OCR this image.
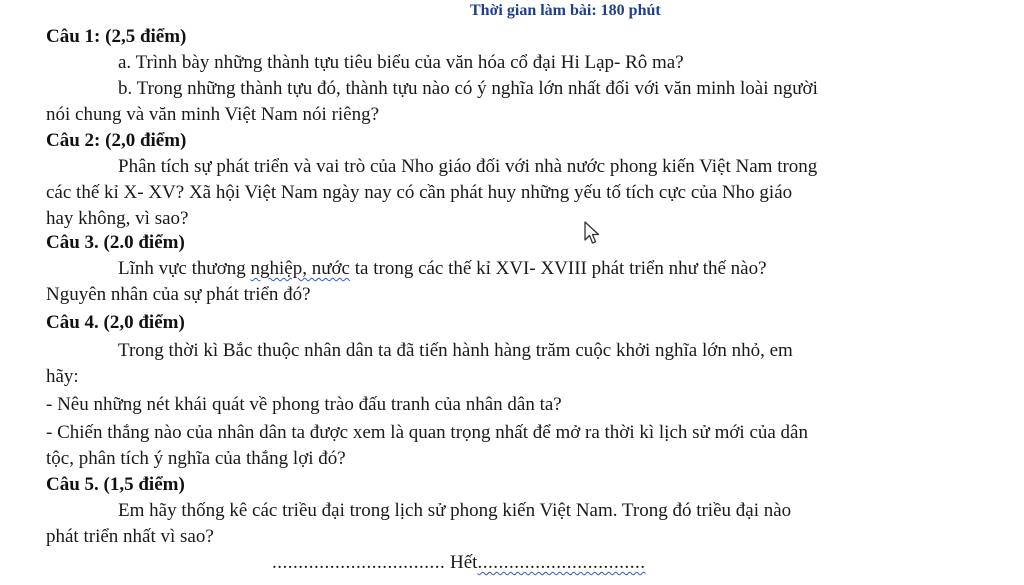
Thời gian làm bài: 180 phút
Câu 1: (2,5 điểm)
a. Trình bày những thành tựu tiêu biểu của văn hóa cổ đại Hi Lạp- Rô ma?
b. Trong những thành tựu đó, thành tựu nào có ý nghĩa lớn nhất đối với văn minh loài người
nói chung và văn minh Việt Nam nói riêng?
Câu 2: (2,0 điểm)
Phân tích sự phát triển và vai trò của Nho giáo đối với nhà nước phong kiến Việt Nam trong
các thế kỉ X- XV? Xã hội Việt Nam ngày nay có cần phát huy những yếu tố tích cực của Nho giáo
hay không, vì sao?
Câu 3. (2.0 điểm)
Lĩnh vực thương nghiệp, nước ta trong các thế kỉ XVI- XVIII phát triển như thế nào?
Nguyên nhân của sự phát triển đó?
Câu 4. (2,0 điểm)
Trong thời kì Bắc thuộc nhân dân ta đã tiến hành hàng trăm cuộc khởi nghĩa lớn nhỏ, em
hãy:
- Nêu những nét khái quát về phong trào đấu tranh của nhân dân ta?
- Chiến thắng nào của nhân dân ta được xem là quan trọng nhất để mở ra thời kì lịch sử mới của dân
tộc, phân tích ý nghĩa của thắng lợi đó?
Câu 5. (1,5 điểm)
Em hãy thống kê các triều đại trong lịch sử phong kiến Việt Nam. Trong đó triều đại nào
phát triển nhất vì sao?
................................. Hết................................
